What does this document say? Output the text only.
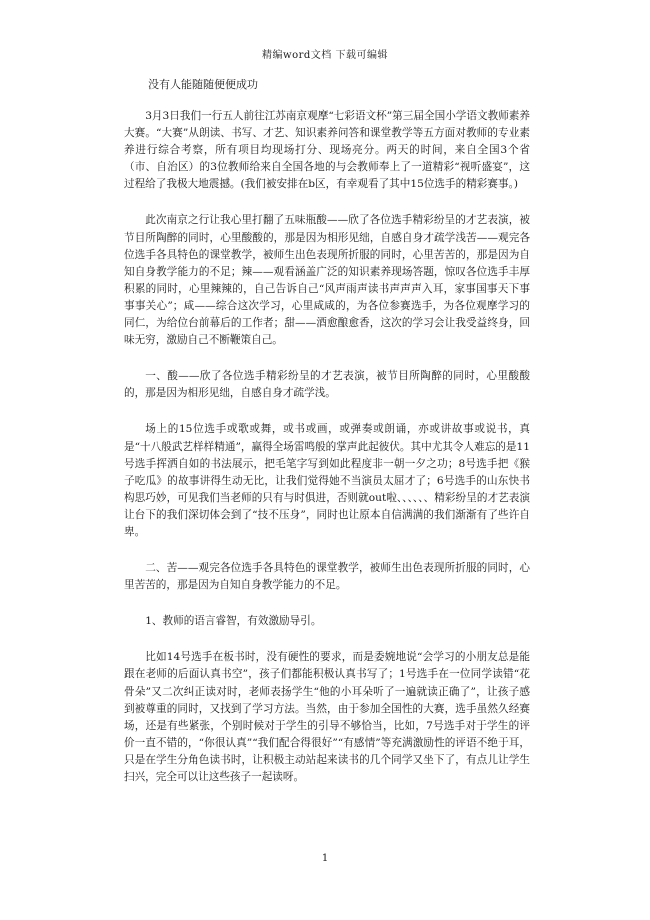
精编word文档 下载可编辑
没有人能随随便便成功

3月3日我们一行五人前往江苏南京观摩“七彩语文杯”第三届全国小学语文教师素养大赛。“大赛”从朗读、书写、才艺、知识素养问答和课堂教学等五方面对教师的专业素养进行综合考察，所有项目均现场打分、现场亮分。两天的时间，来自全国3个省（市、自治区）的3位教师给来自全国各地的与会教师奉上了一道精彩“视听盛宴”，这过程给了我极大地震撼。(我们被安排在b区，有幸观看了其中15位选手的精彩赛事。)

此次南京之行让我心里打翻了五味瓶酸——欣了各位选手精彩纷呈的才艺表演，被节目所陶醉的同时，心里酸酸的，那是因为相形见绌，自感自身才疏学浅苦——观完各位选手各具特色的课堂教学，被师生出色表现所折服的同时，心里苦苦的，那是因为自知自身教学能力的不足；辣——观看涵盖广泛的知识素养现场答题，惊叹各位选手丰厚积累的同时，心里辣辣的，自己告诉自己“风声雨声读书声声声入耳，家事国事天下事事事关心”；咸——综合这次学习，心里咸咸的，为各位参赛选手，为各位观摩学习的同仁，为给位台前幕后的工作者；甜——酒愈酿愈香，这次的学习会让我受益终身，回味无穷，激励自己不断鞭策自己。

一、酸——欣了各位选手精彩纷呈的才艺表演，被节目所陶醉的同时，心里酸酸的，那是因为相形见绌，自感自身才疏学浅。

场上的15位选手或歌或舞，或书或画，或弹奏或朗诵，亦或讲故事或说书，真是“十八般武艺样样精通”，赢得全场雷鸣般的掌声此起彼伏。其中尤其令人难忘的是11号选手挥洒自如的书法展示，把毛笔字写到如此程度非一朝一夕之功；8号选手把《猴子吃瓜》的故事讲得生动无比，让我们觉得她不当演员太屈才了；6号选手的山东快书构思巧妙，可见我们当老师的只有与时俱进，否则就out啦、、、、、、精彩纷呈的才艺表演让台下的我们深切体会到了“技不压身”，同时也让原本自信满满的我们渐渐有了些许自卑。

二、苦——观完各位选手各具特色的课堂教学，被师生出色表现所折服的同时，心里苦苦的，那是因为自知自身教学能力的不足。

1、教师的语言睿智，有效激励导引。

比如14号选手在板书时，没有硬性的要求，而是委婉地说“会学习的小朋友总是能跟在老师的后面认真书空”，孩子们都能积极认真书写了；1号选手在一位同学读错“花骨朵”又二次纠正读对时，老师表扬学生“他的小耳朵听了一遍就读正确了”，让孩子感到被尊重的同时，又找到了学习方法。当然，由于参加全国性的大赛，选手虽然久经赛场，还是有些紧张，个别时候对于学生的引导不够恰当，比如，7号选手对于学生的评价一直不错的，“你很认真”“我们配合得很好”“有感情”等充满激励性的评语不绝于耳，只是在学生分角色读书时，让积极主动站起来读书的几个同学又坐下了，有点儿让学生扫兴，完全可以让这些孩子一起读呀。

1
